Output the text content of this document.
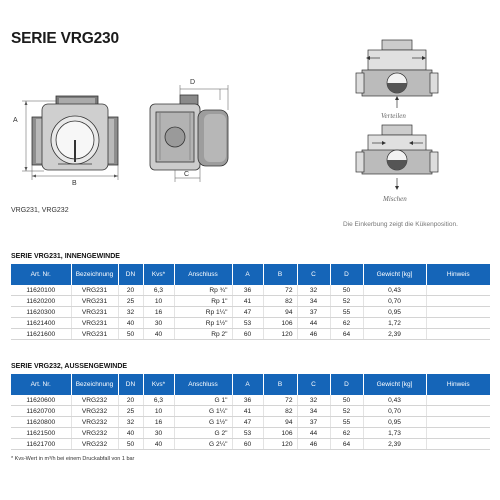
SERIE VRG230
A
B
D
C
Verteilen
Mischen
VRG231, VRG232
Die Einkerbung zeigt die Kükenposition.
SERIE VRG231, INNENGEWINDE
Art. Nr.	Bezeichnung	DN	Kvs*	Anschluss	A	B	C	D	Gewicht [kg]	Hinweis
11620100	VRG231	20	6,3	Rp ¾"	36	72	32	50	0,43	
11620200	VRG231	25	10	Rp 1"	41	82	34	52	0,70	
11620300	VRG231	32	16	Rp 1¼"	47	94	37	55	0,95	
11621400	VRG231	40	30	Rp 1½"	53	106	44	62	1,72	
11621600	VRG231	50	40	Rp 2"	60	120	46	64	2,39	
SERIE VRG232, AUSSENGEWINDE
Art. Nr.	Bezeichnung	DN	Kvs*	Anschluss	A	B	C	D	Gewicht [kg]	Hinweis
11620600	VRG232	20	6,3	G 1"	36	72	32	50	0,43	
11620700	VRG232	25	10	G 1¼"	41	82	34	52	0,70	
11620800	VRG232	32	16	G 1½"	47	94	37	55	0,95	
11621500	VRG232	40	30	G 2"	53	106	44	62	1,73	
11621700	VRG232	50	40	G 2¼"	60	120	46	64	2,39	
* Kvs-Wert in m³/h bei einem Druckabfall von 1 bar
